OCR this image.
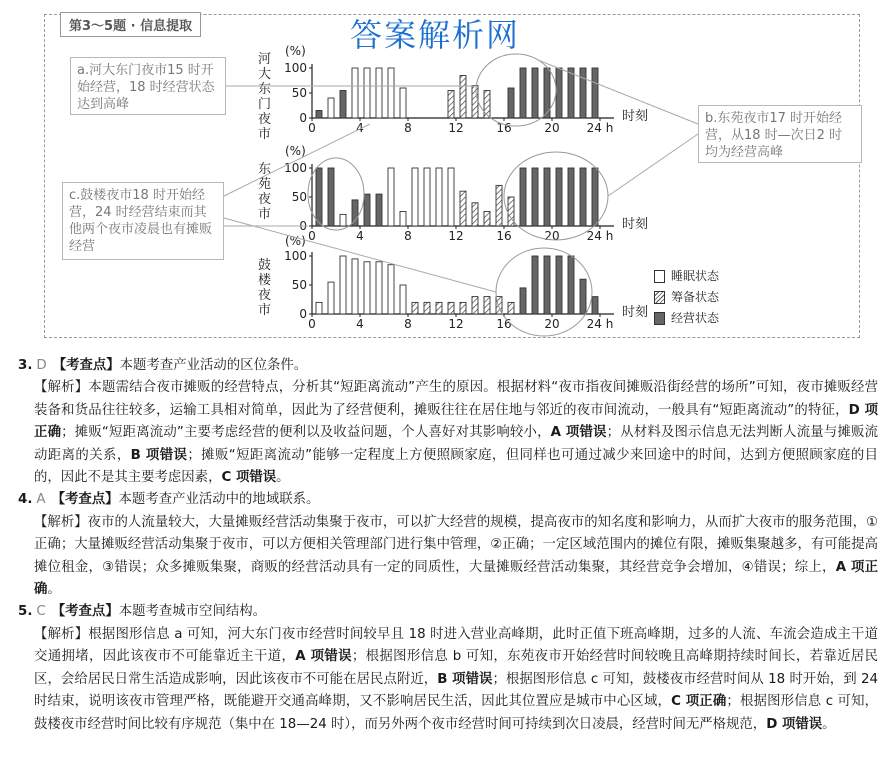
第3～5题 · 信息提取	答案解析网
a.河大东门夜市15 时开始经营，18 时经营状态达到高峰
b.东苑夜市17 时开始经营，从18 时—次日2 时均为经营高峰
c.鼓楼夜市18 时开始经营，24 时经营结束而其他两个夜市凌晨也有摊贩经营
河大东门夜市
东苑夜市
鼓楼夜市
(%)
(%)
(%)
100
50
0
0	4	8	12	16	20 24 h
时刻
100
50
0
0	4	8	12	16	20 24 h
时刻
100
50
0
0	4	8	12	16	20 24 h
时刻
睡眠状态
筹备状态
经营状态
3. D 【考查点】本题考查产业活动的区位条件。
【解析】本题需结合夜市摊贩的经营特点，分析其“短距离流动”产生的原因。根据材料“夜市指夜间摊贩沿街经营的场所”可知，夜市摊贩经营装备和货品往往较多，运输工具相对简单，因此为了经营便利，摊贩往往在居住地与邻近的夜市间流动，一般具有“短距离流动”的特征，D 项正确；摊贩“短距离流动”主要考虑经营的便利以及收益问题，个人喜好对其影响较小，A 项错误；从材料及图示信息无法判断人流量与摊贩流动距离的关系，B 项错误；摊贩“短距离流动”能够一定程度上方便照顾家庭，但同样也可通过减少来回途中的时间，达到方便照顾家庭的目的，因此不是其主要考虑因素，C 项错误。
4. A 【考查点】本题考查产业活动中的地域联系。
【解析】夜市的人流量较大，大量摊贩经营活动集聚于夜市，可以扩大经营的规模，提高夜市的知名度和影响力，从而扩大夜市的服务范围，①正确；大量摊贩经营活动集聚于夜市，可以方便相关管理部门进行集中管理，②正确；一定区域范围内的摊位有限，摊贩集聚越多，有可能提高摊位租金，③错误；众多摊贩集聚，商贩的经营活动具有一定的同质性，大量摊贩经营活动集聚，其经营竞争会增加，④错误；综上，A 项正确。
5. C 【考查点】本题考查城市空间结构。
【解析】根据图形信息 a 可知，河大东门夜市经营时间较早且 18 时进入营业高峰期，此时正值下班高峰期，过多的人流、车流会造成主干道交通拥堵，因此该夜市不可能靠近主干道，A 项错误；根据图形信息 b 可知，东苑夜市开始经营时间较晚且高峰期持续时间长，若靠近居民区，会给居民日常生活造成影响，因此该夜市不可能在居民点附近，B 项错误；根据图形信息 c 可知，鼓楼夜市经营时间从 18 时开始，到 24 时结束，说明该夜市管理严格，既能避开交通高峰期，又不影响居民生活，因此其位置应是城市中心区域，C 项正确；根据图形信息 c 可知，鼓楼夜市经营时间比较有序规范（集中在 18—24 时），而另外两个夜市经营时间可持续到次日凌晨，经营时间无严格规范，D 项错误。
